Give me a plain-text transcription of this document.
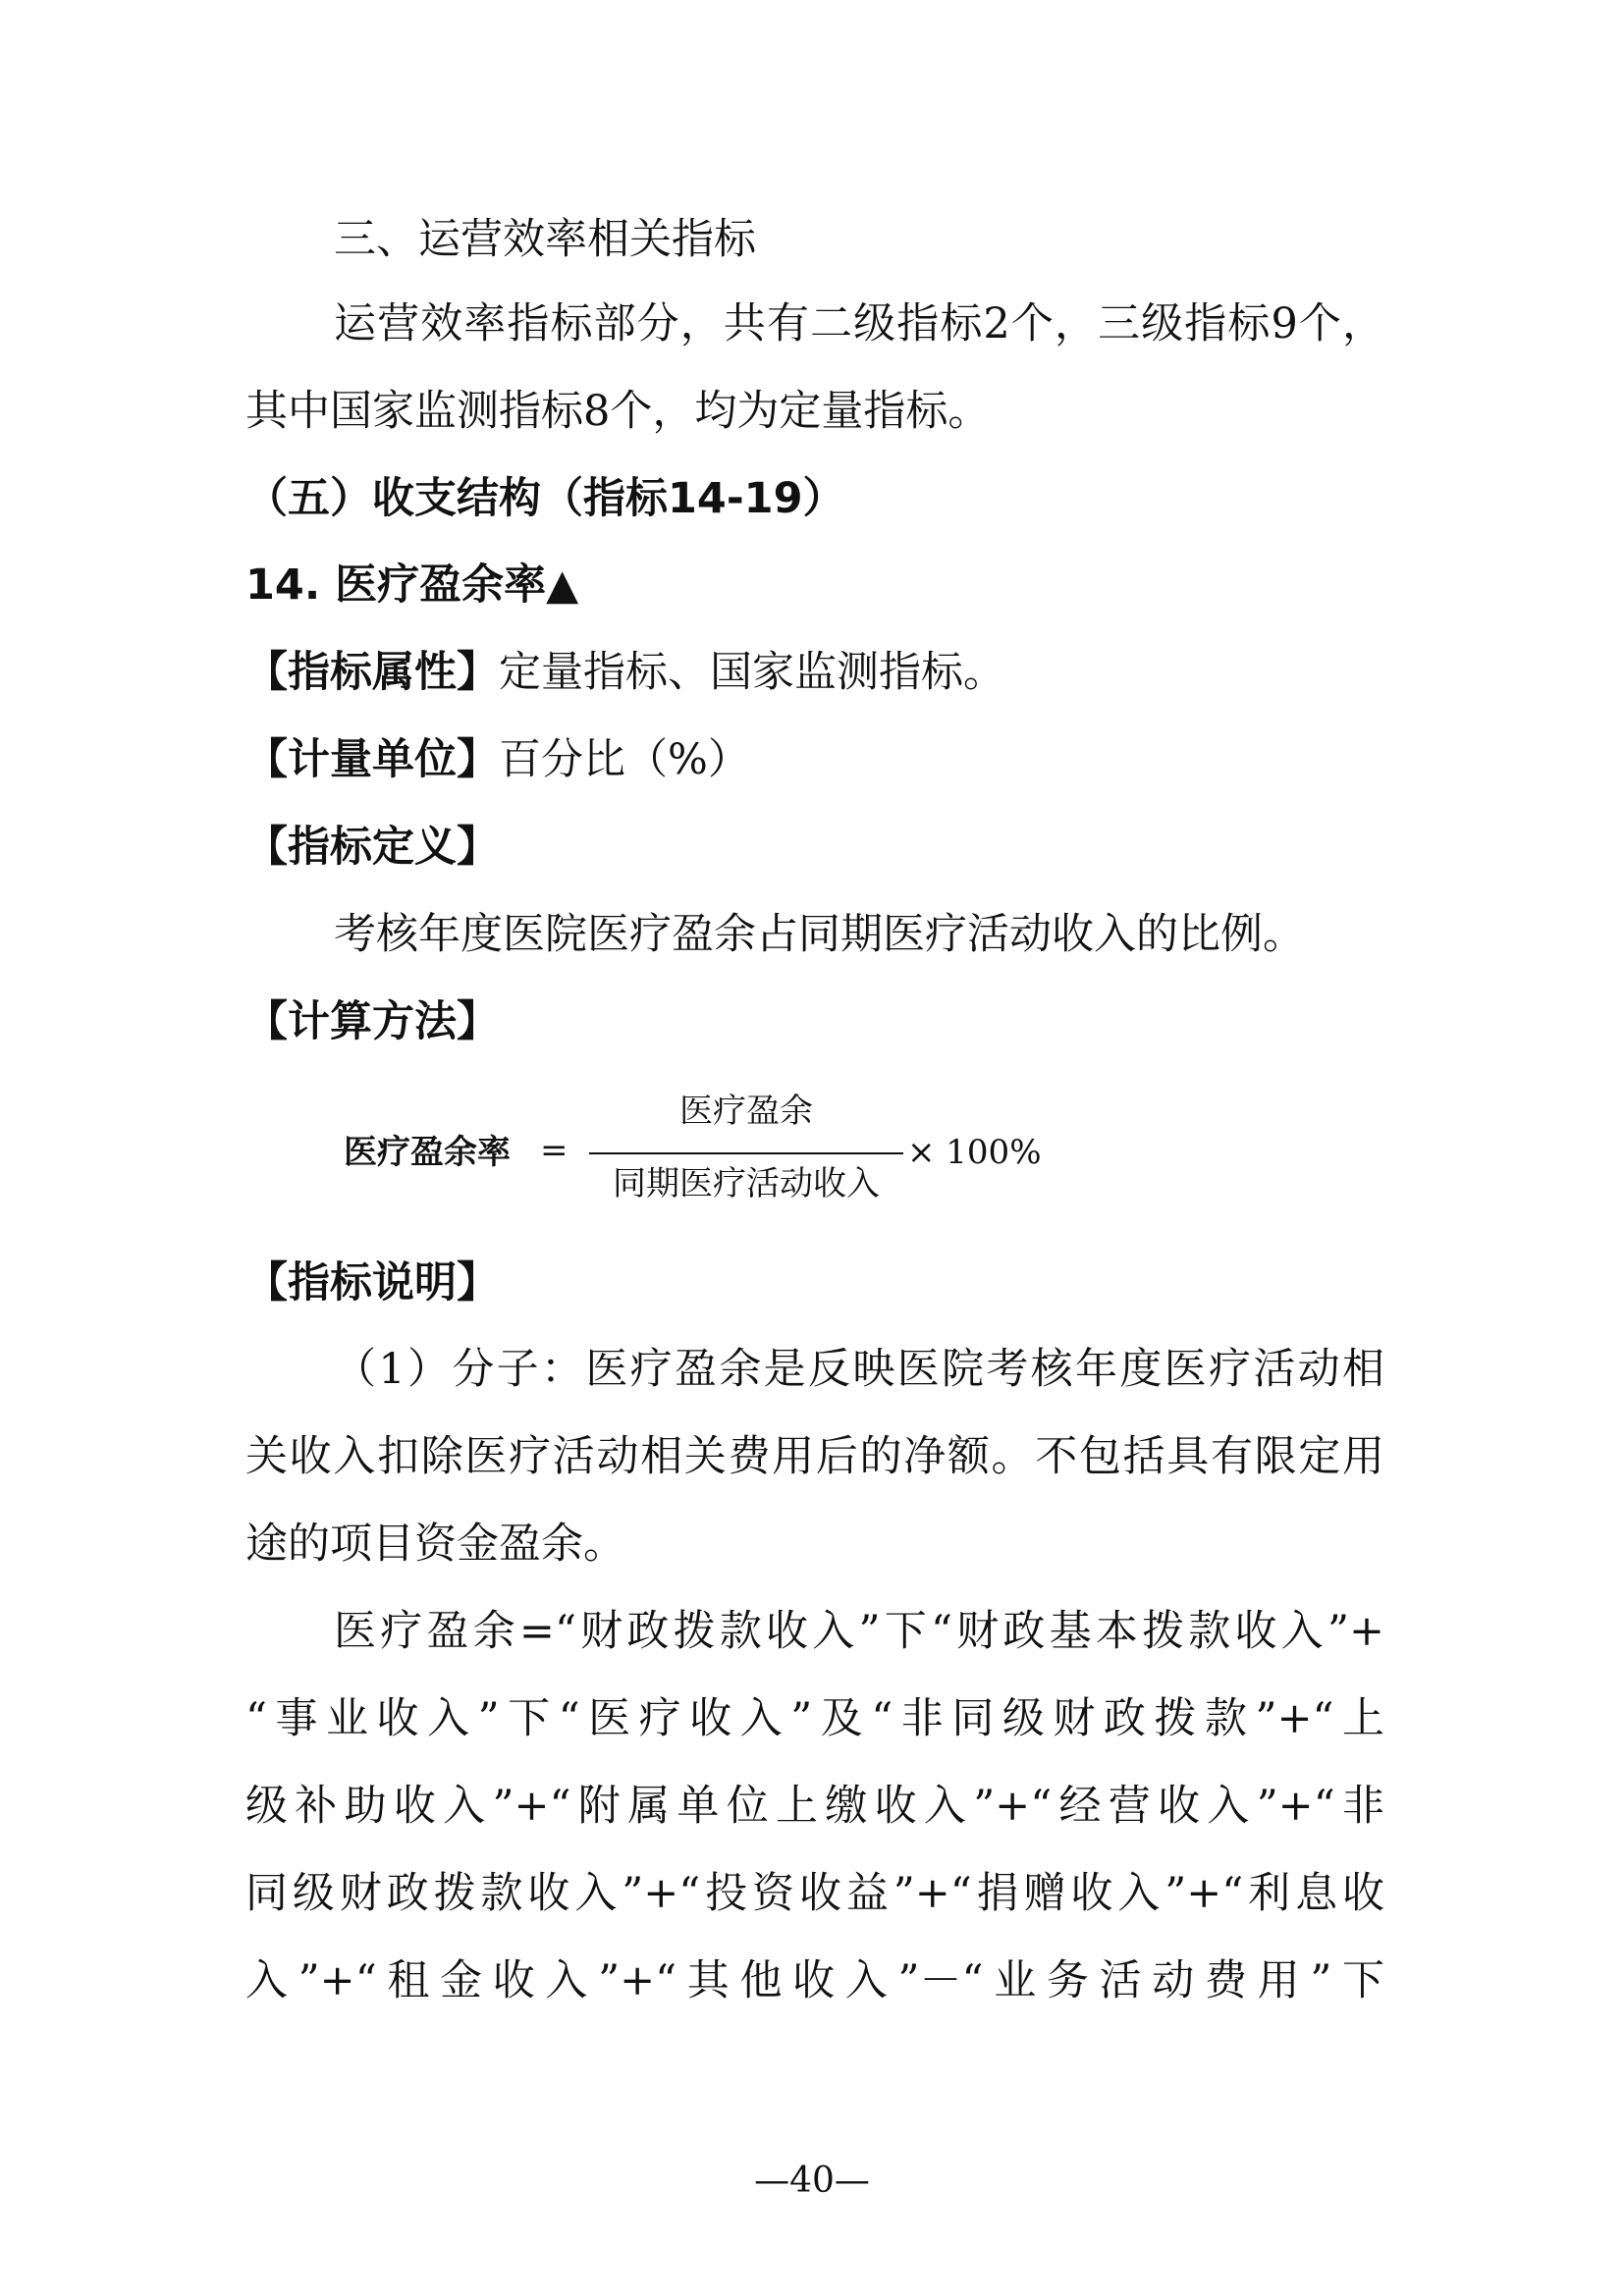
三、运营效率相关指标
运营效率指标部分，共有二级指标2个，三级指标9个，
其中国家监测指标8个，均为定量指标。
（五）收支结构（指标14-19）
14. 医疗盈余率▲
【指标属性】定量指标、国家监测指标。
【计量单位】百分比（%）
【指标定义】
考核年度医院医疗盈余占同期医疗活动收入的比例。
【计算方法】
医疗盈余率 =
医疗盈余
同期医疗活动收入
× 100%
【指标说明】
（1）分子：医疗盈余是反映医院考核年度医疗活动相
关收入扣除医疗活动相关费用后的净额。不包括具有限定用
途的项目资金盈余。
医疗盈余=“财政拨款收入”下“财政基本拨款收入”+
“事业收入”下“医疗收入”及“非同级财政拨款”+“上
级补助收入”+“附属单位上缴收入”+“经营收入”+“非
同级财政拨款收入”+“投资收益”+“捐赠收入”+“利息收
入”+“租金收入”+“其他收入”－“业务活动费用”下
—40—
